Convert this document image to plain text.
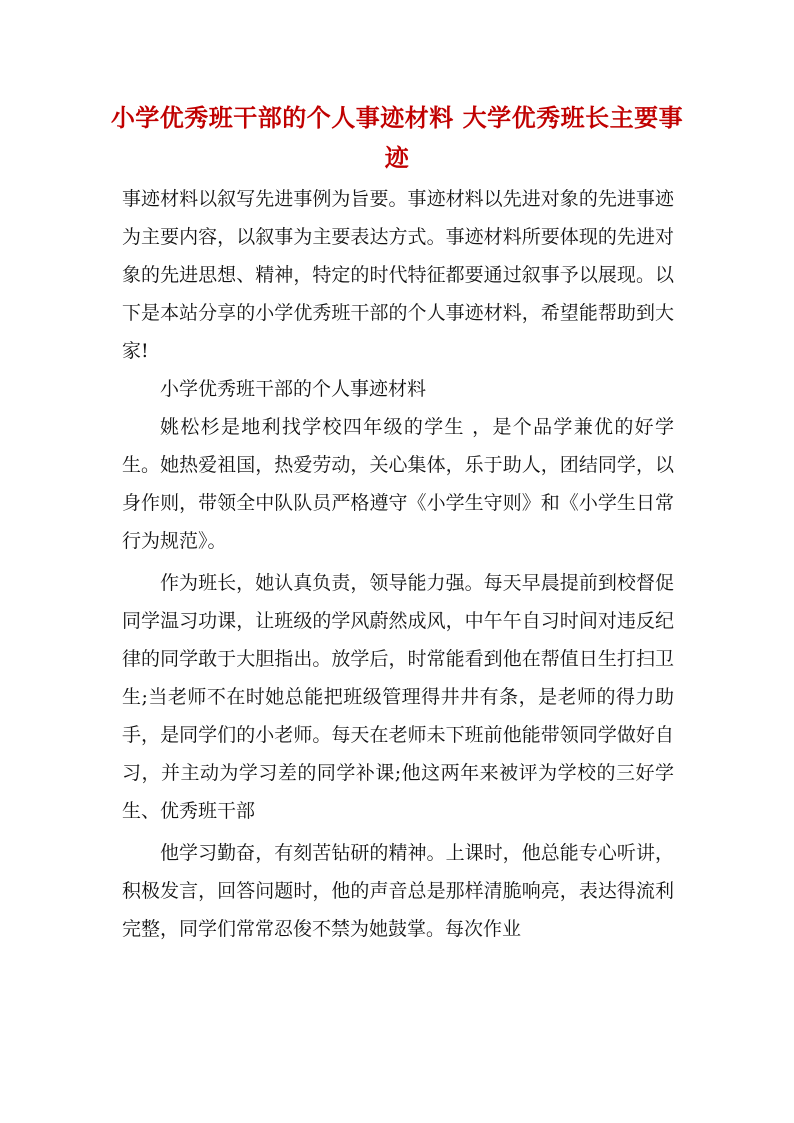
小学优秀班干部的个人事迹材料 大学优秀班长主要事迹

事迹材料以叙写先进事例为旨要。事迹材料以先进对象的先进事迹为主要内容，以叙事为主要表达方式。事迹材料所要体现的先进对象的先进思想、精神，特定的时代特征都要通过叙事予以展现。以下是本站分享的小学优秀班干部的个人事迹材料，希望能帮助到大家!

小学优秀班干部的个人事迹材料

姚松杉是地利找学校四年级的学生 ，是个品学兼优的好学生。她热爱祖国，热爱劳动，关心集体，乐于助人，团结同学，以身作则，带领全中队队员严格遵守《小学生守则》和《小学生日常行为规范》。

作为班长，她认真负责，领导能力强。每天早晨提前到校督促同学温习功课，让班级的学风蔚然成风，中午午自习时间对违反纪律的同学敢于大胆指出。放学后，时常能看到他在帮值日生打扫卫生;当老师不在时她总能把班级管理得井井有条，是老师的得力助手，是同学们的小老师。每天在老师未下班前他能带领同学做好自习，并主动为学习差的同学补课;他这两年来被评为学校的三好学生、优秀班干部

他学习勤奋，有刻苦钻研的精神。上课时，他总能专心听讲，积极发言，回答问题时，他的声音总是那样清脆响亮，表达得流利完整，同学们常常忍俊不禁为她鼓掌。每次作业
